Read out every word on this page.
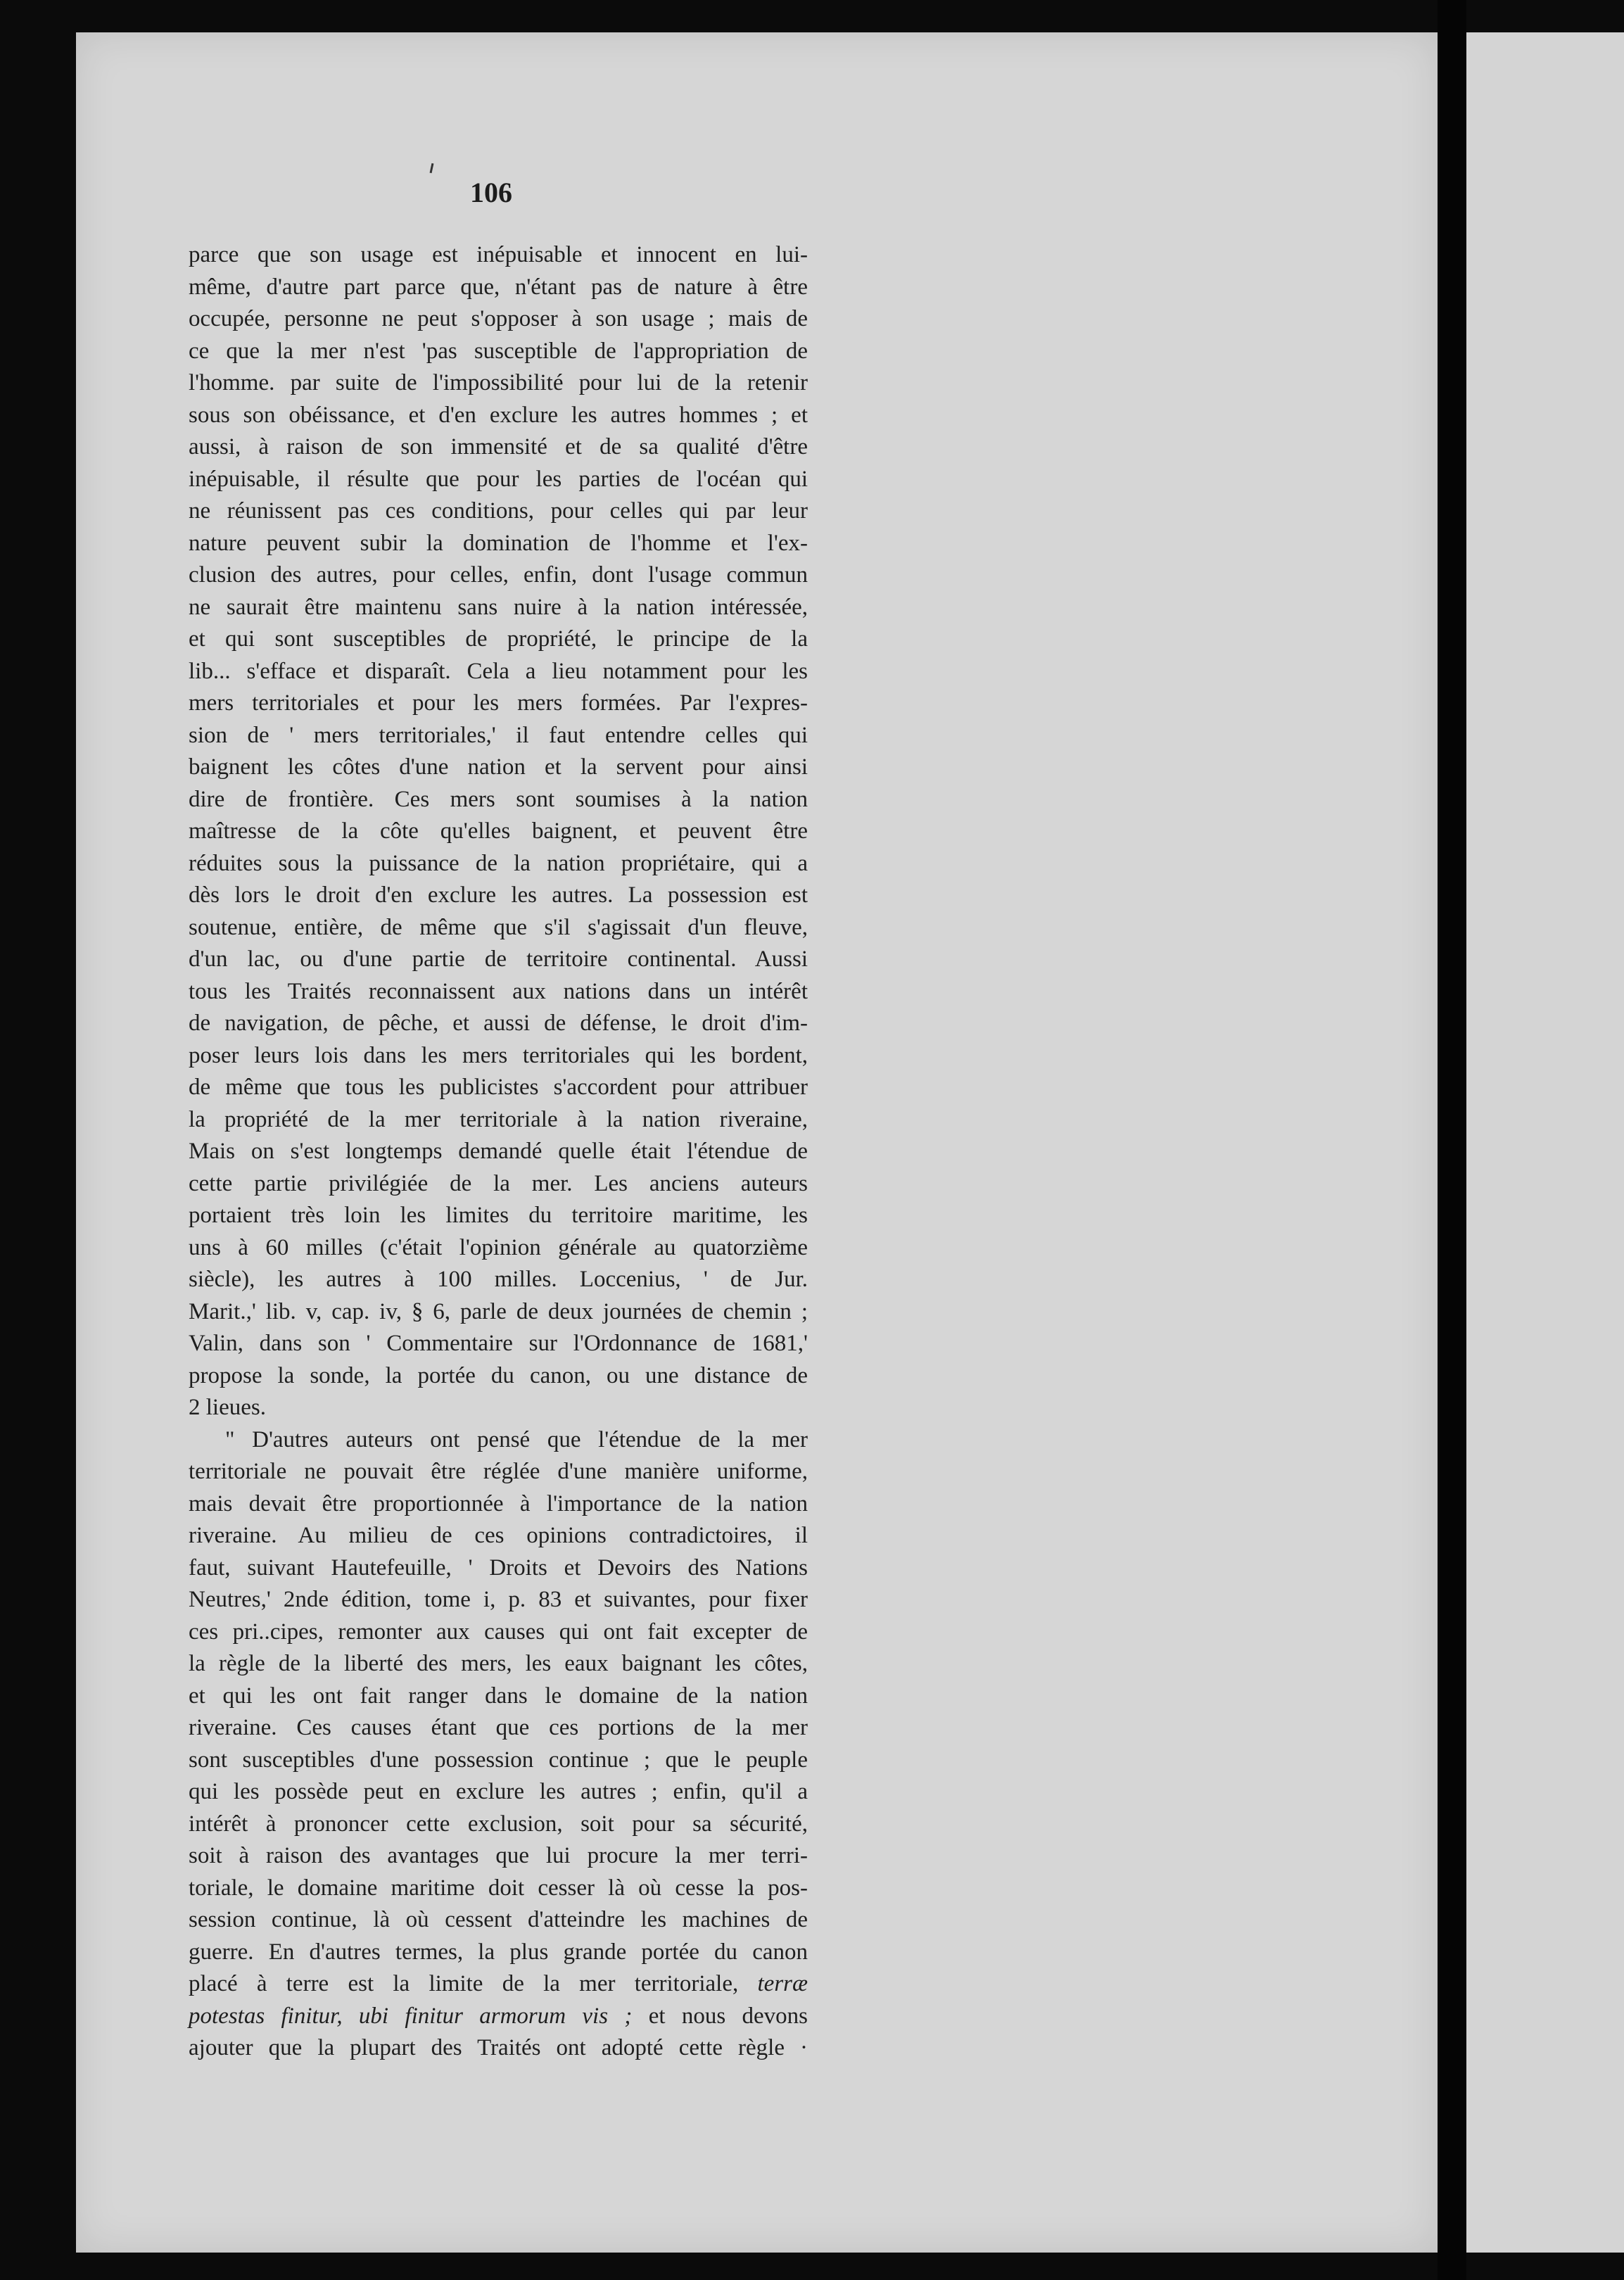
106

parce que son usage est inépuisable et innocent en lui-
même, d'autre part parce que, n'étant pas de nature à être
occupée, personne ne peut s'opposer à son usage ; mais de
ce que la mer n'est 'pas susceptible de l'appropriation de
l'homme. par suite de l'impossibilité pour lui de la retenir
sous son obéissance, et d'en exclure les autres hommes ; et
aussi, à raison de son immensité et de sa qualité d'être
inépuisable, il résulte que pour les parties de l'océan qui
ne réunissent pas ces conditions, pour celles qui par leur
nature peuvent subir la domination de l'homme et l'ex-
clusion des autres, pour celles, enfin, dont l'usage commun
ne saurait être maintenu sans nuire à la nation intéressée,
et qui sont susceptibles de propriété, le principe de la
lib... s'efface et disparaît. Cela a lieu notamment pour les
mers territoriales et pour les mers formées. Par l'expres-
sion de ' mers territoriales,' il faut entendre celles qui
baignent les côtes d'une nation et la servent pour ainsi
dire de frontière. Ces mers sont soumises à la nation
maîtresse de la côte qu'elles baignent, et peuvent être
réduites sous la puissance de la nation propriétaire, qui a
dès lors le droit d'en exclure les autres. La possession est
soutenue, entière, de même que s'il s'agissait d'un fleuve,
d'un lac, ou d'une partie de territoire continental. Aussi
tous les Traités reconnaissent aux nations dans un intérêt
de navigation, de pêche, et aussi de défense, le droit d'im-
poser leurs lois dans les mers territoriales qui les bordent,
de même que tous les publicistes s'accordent pour attribuer
la propriété de la mer territoriale à la nation riveraine,
Mais on s'est longtemps demandé quelle était l'étendue de
cette partie privilégiée de la mer. Les anciens auteurs
portaient très loin les limites du territoire maritime, les
uns à 60 milles (c'était l'opinion générale au quatorzième
siècle), les autres à 100 milles. Loccenius, ' de Jur.
Marit.,' lib. v, cap. iv, § 6, parle de deux journées de chemin ;
Valin, dans son ' Commentaire sur l'Ordonnance de 1681,'
propose la sonde, la portée du canon, ou une distance de
2 lieues.
" D'autres auteurs ont pensé que l'étendue de la mer
territoriale ne pouvait être réglée d'une manière uniforme,
mais devait être proportionnée à l'importance de la nation
riveraine. Au milieu de ces opinions contradictoires, il
faut, suivant Hautefeuille, ' Droits et Devoirs des Nations
Neutres,' 2nde édition, tome i, p. 83 et suivantes, pour fixer
ces pri..cipes, remonter aux causes qui ont fait excepter de
la règle de la liberté des mers, les eaux baignant les côtes,
et qui les ont fait ranger dans le domaine de la nation
riveraine. Ces causes étant que ces portions de la mer
sont susceptibles d'une possession continue ; que le peuple
qui les possède peut en exclure les autres ; enfin, qu'il a
intérêt à prononcer cette exclusion, soit pour sa sécurité,
soit à raison des avantages que lui procure la mer terri-
toriale, le domaine maritime doit cesser là où cesse la pos-
session continue, là où cessent d'atteindre les machines de
guerre. En d'autres termes, la plus grande portée du canon
placé à terre est la limite de la mer territoriale, terræ
potestas finitur, ubi finitur armorum vis ; et nous devons
ajouter que la plupart des Traités ont adopté cette règle ·
